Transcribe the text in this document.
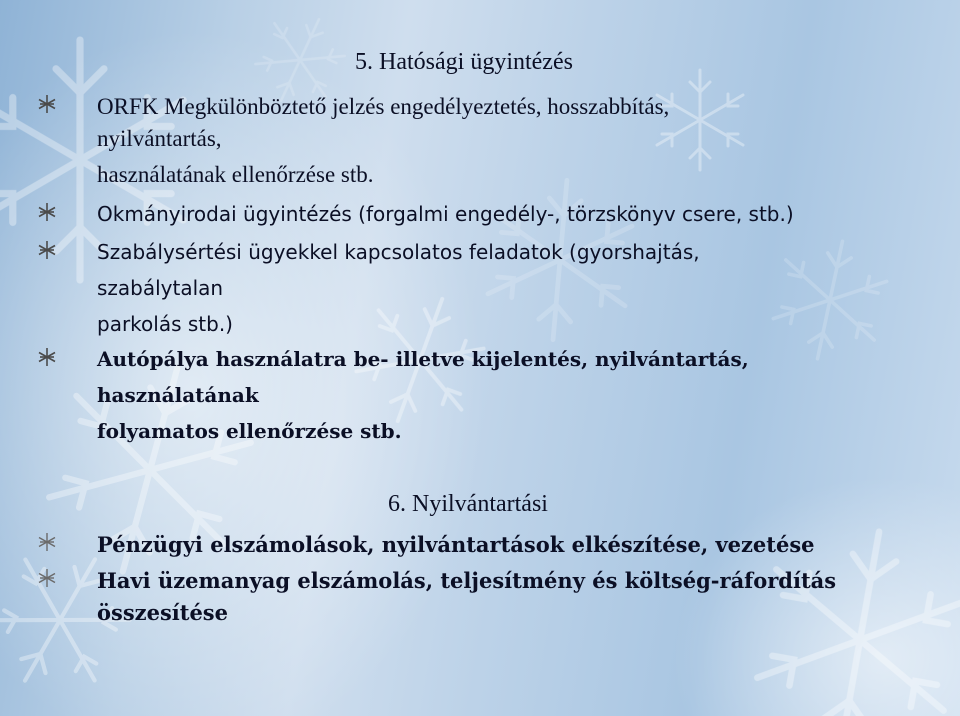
5. Hatósági ügyintézés
ORFK Megkülönböztető jelzés engedélyeztetés, hosszabbítás,
nyilvántartás,
használatának ellenőrzése stb.
Okmányirodai ügyintézés (forgalmi engedély-, törzskönyv csere, stb.)
Szabálysértési ügyekkel kapcsolatos feladatok (gyorshajtás,
szabálytalan
parkolás stb.)
Autópálya használatra be- illetve kijelentés, nyilvántartás,
használatának
folyamatos ellenőrzése stb.
6. Nyilvántartási
Pénzügyi elszámolások, nyilvántartások elkészítése, vezetése
Havi üzemanyag elszámolás, teljesítmény és költség-ráfordítás
összesítése
